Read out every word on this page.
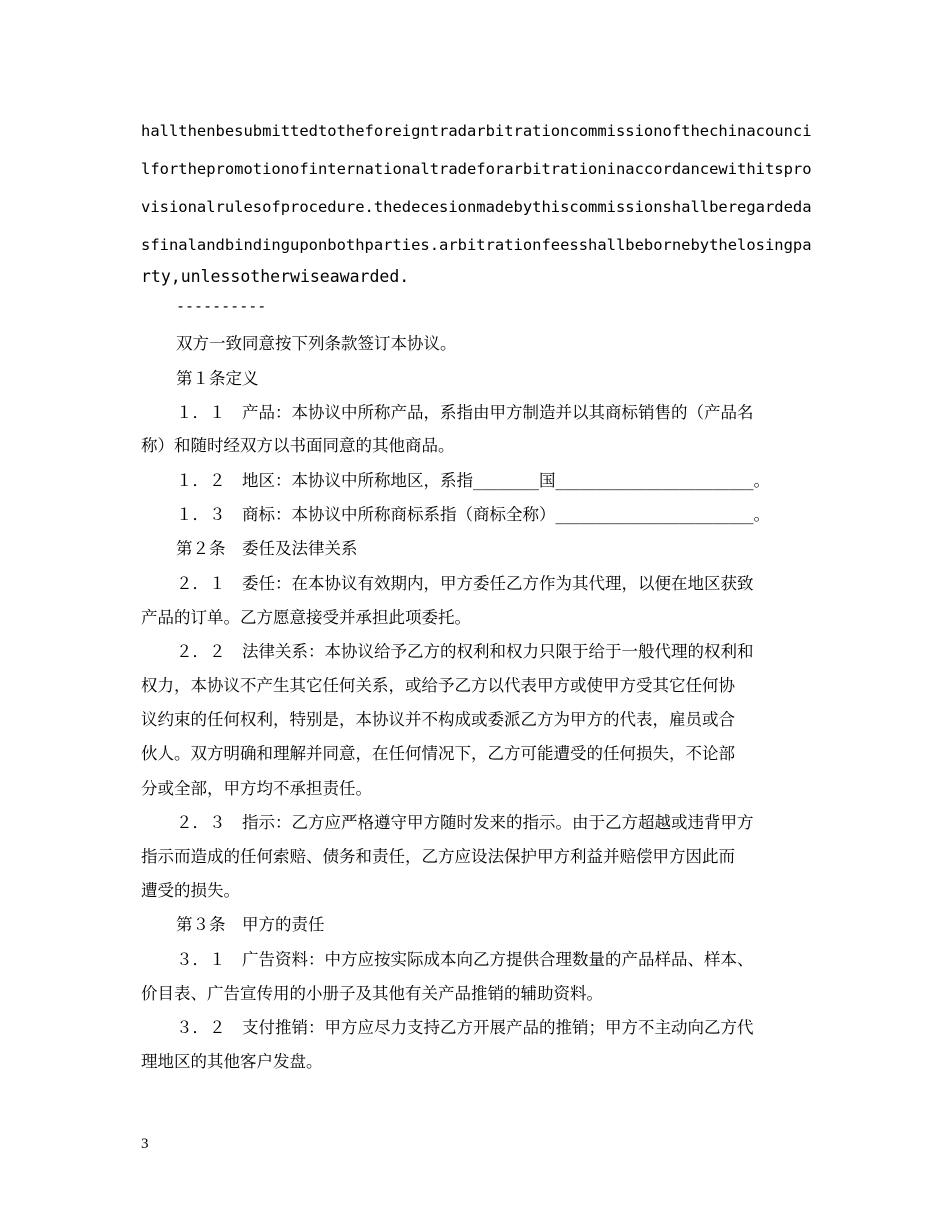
hallthenbesubmittedtotheforeigntradarbitrationcommissionofthechinacounci
lforthepromotionofinternationaltradeforarbitrationinaccordancewithitspro
visionalrulesofprocedure.thedecesionmadebythiscommissionshallberegardeda
sfinalandbindinguponbothparties.arbitrationfeesshallbebornebythelosingpa
rty,unlessotherwiseawarded.
----------
双方一致同意按下列条款签订本协议。
第１条定义
１．１　产品：本协议中所称产品，系指由甲方制造并以其商标销售的（产品名
称）和随时经双方以书面同意的其他商品。
１．２　地区：本协议中所称地区，系指________国________________________。
１．３　商标：本协议中所称商标系指（商标全称）________________________。
第２条　委任及法律关系
２．１　委任：在本协议有效期内，甲方委任乙方作为其代理，以便在地区获致
产品的订单。乙方愿意接受并承担此项委托。
２．２　法律关系：本协议给予乙方的权利和权力只限于给于一般代理的权利和
权力，本协议不产生其它任何关系，或给予乙方以代表甲方或使甲方受其它任何协
议约束的任何权利，特别是，本协议并不构成或委派乙方为甲方的代表，雇员或合
伙人。双方明确和理解并同意，在任何情况下，乙方可能遭受的任何损失，不论部
分或全部，甲方均不承担责任。
２．３　指示：乙方应严格遵守甲方随时发来的指示。由于乙方超越或违背甲方
指示而造成的任何索赔、债务和责任，乙方应设法保护甲方利益并赔偿甲方因此而
遭受的损失。
第３条　甲方的责任
３．１　广告资料：中方应按实际成本向乙方提供合理数量的产品样品、样本、
价目表、广告宣传用的小册子及其他有关产品推销的辅助资料。
３．２　支付推销：甲方应尽力支持乙方开展产品的推销；甲方不主动向乙方代
理地区的其他客户发盘。
3
